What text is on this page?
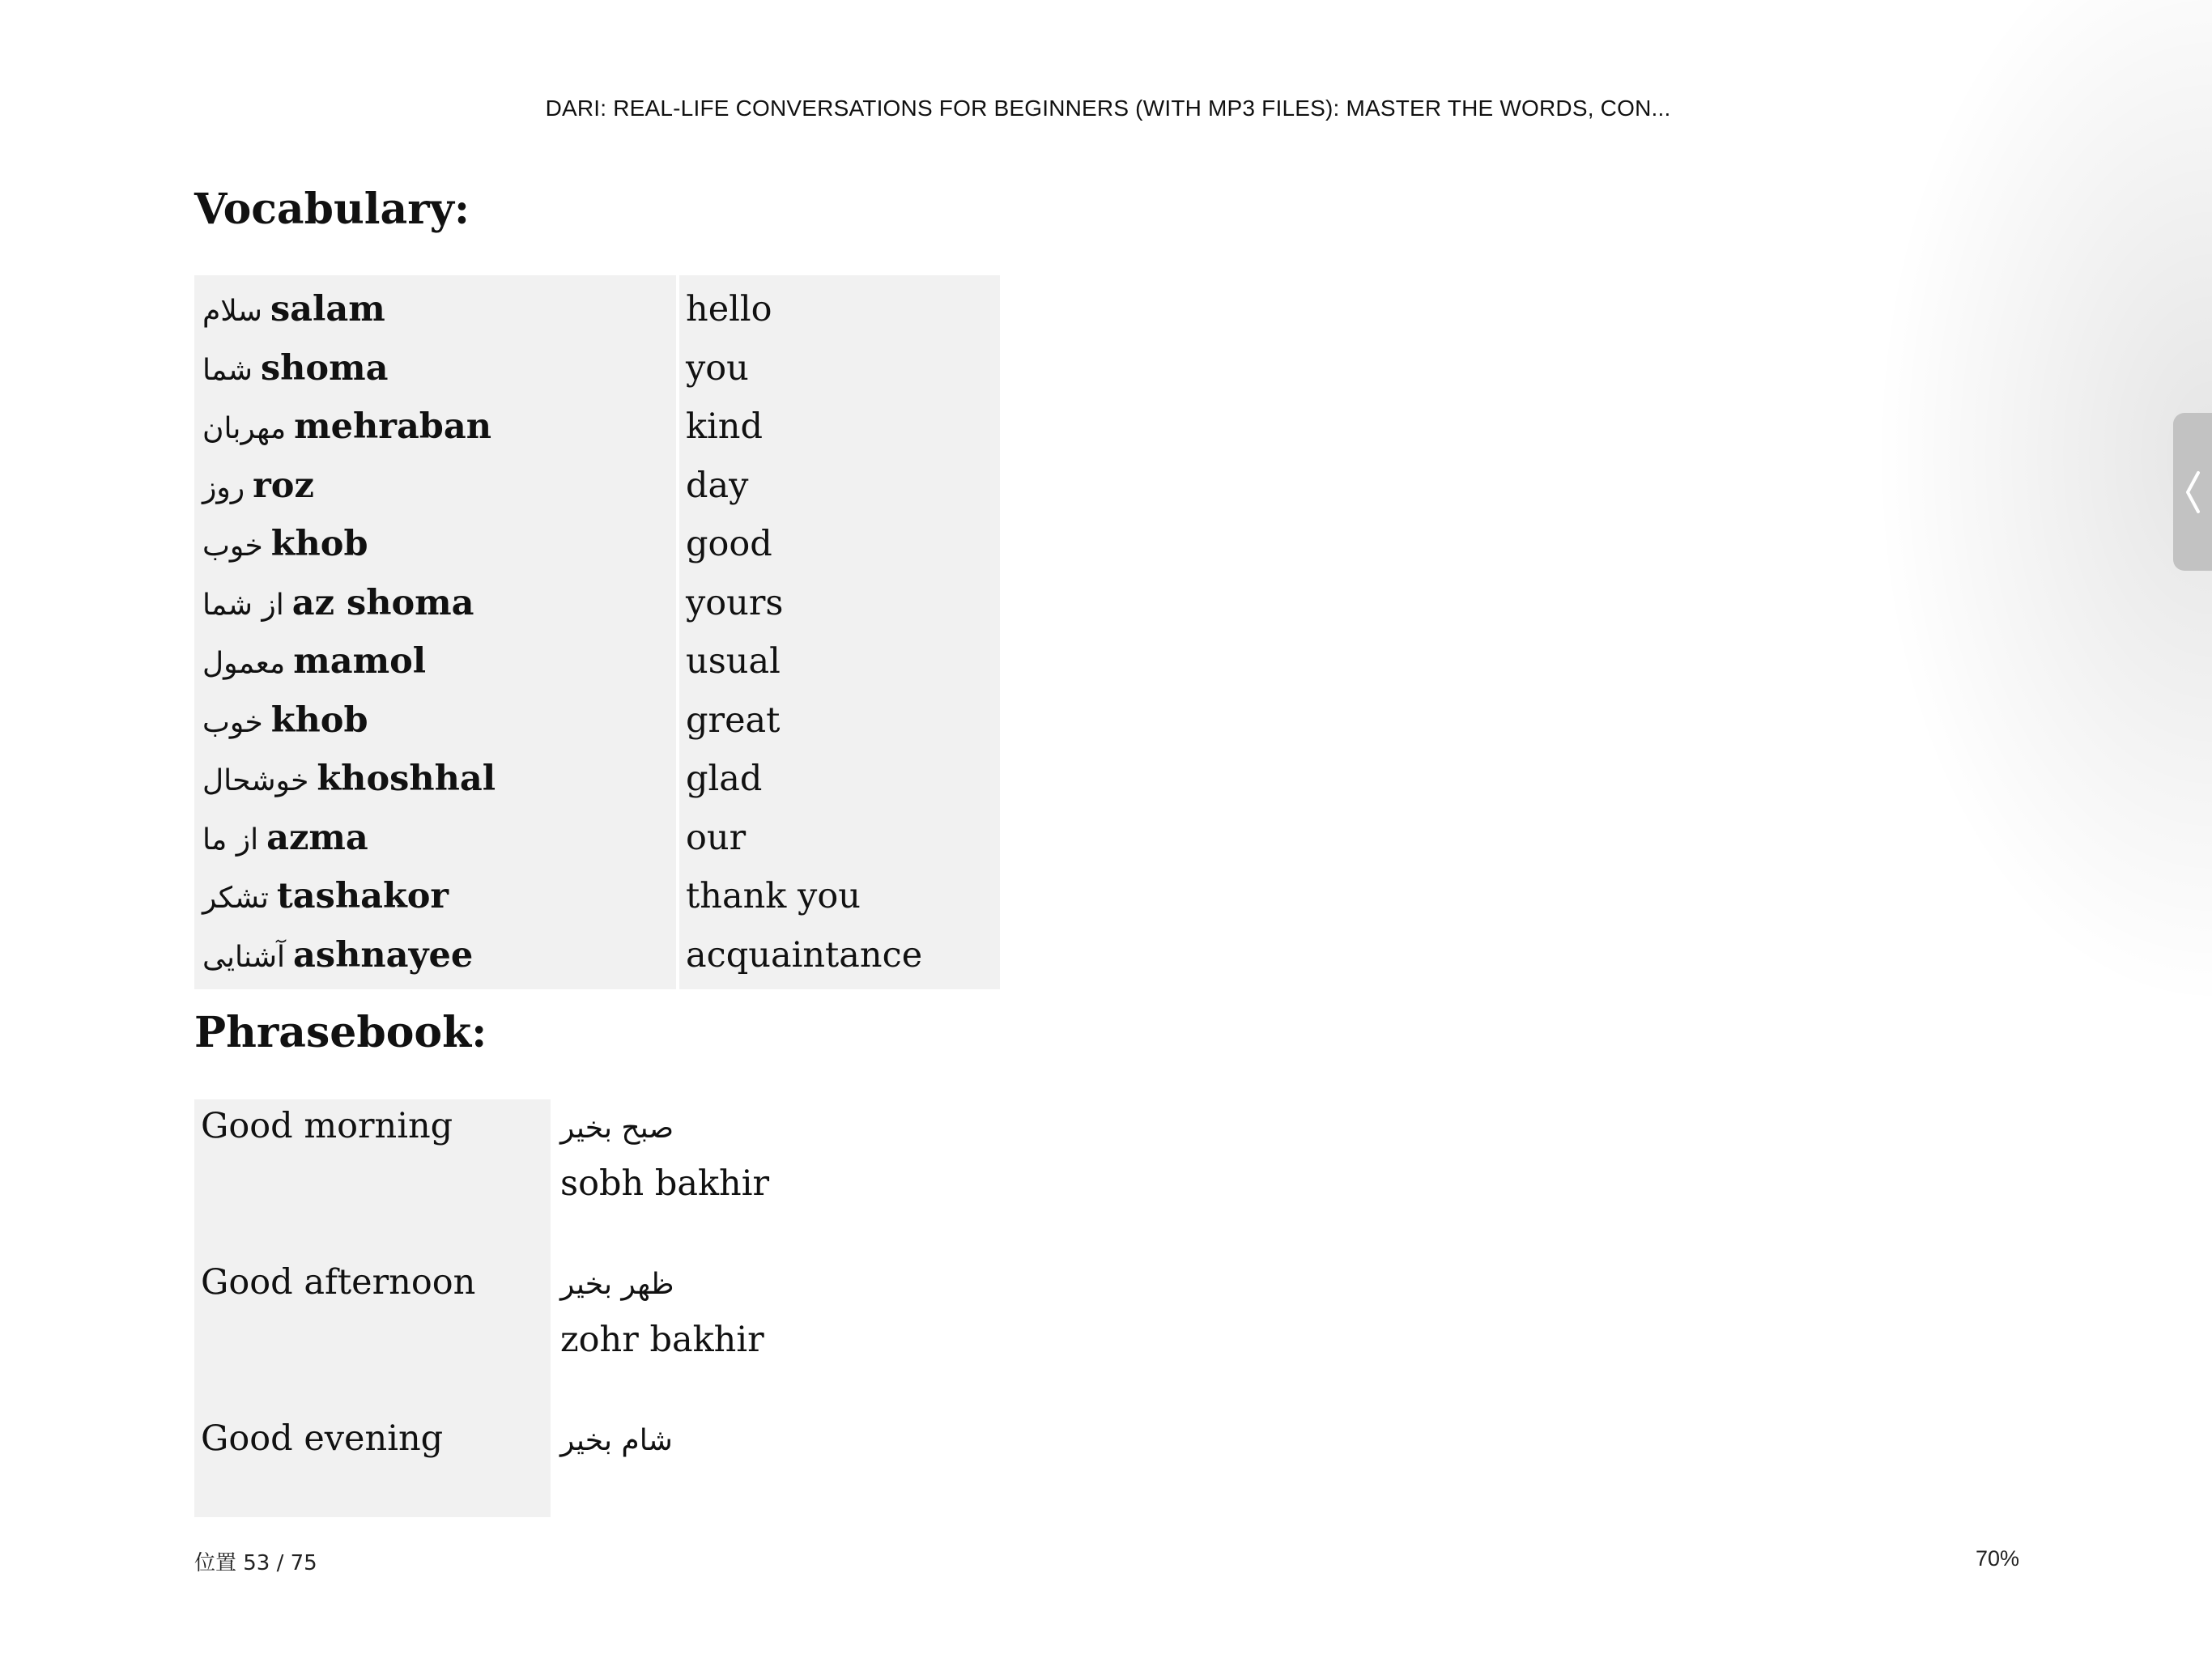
DARI: REAL-LIFE CONVERSATIONS FOR BEGINNERS (WITH MP3 FILES): MASTER THE WORDS, CON...
Vocabulary:
سلام salam	hello
شما shoma	you
مهربان mehraban	kind
روز roz	day
خوب khob	good
از شما az shoma	yours
معمول mamol	usual
خوب khob	great
خوشحال khoshhal	glad
از ما azma	our
تشکر tashakor	thank you
آشنایی ashnayee	acquaintance
Phrasebook:
Good morning	صبح بخیر
sobh bakhir

Good afternoon	ظهر بخیر
zohr bakhir

Good evening	شام بخیر
位置 53 / 75	70%
